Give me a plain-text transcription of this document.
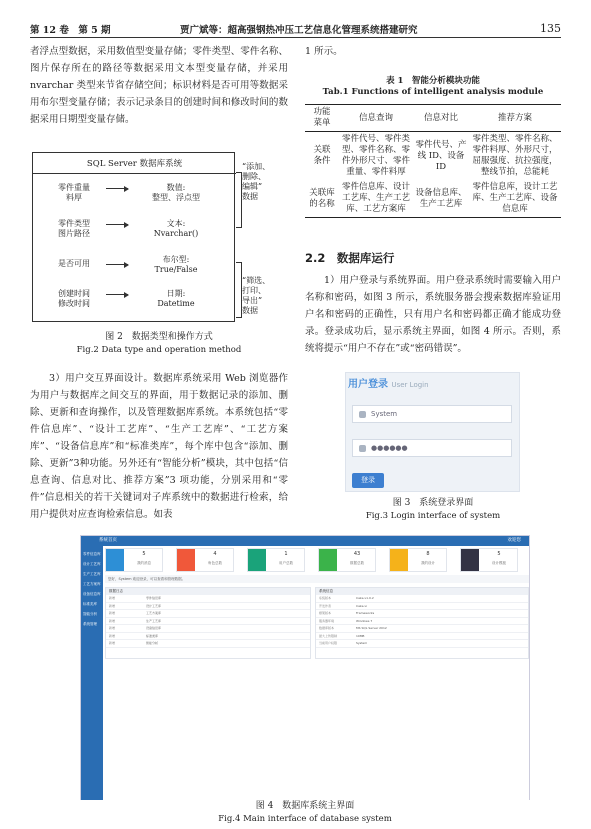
第 12 卷　第 5 期	贾广斌等：超高强钢热冲压工艺信息化管理系统搭建研究	135

者浮点型数据，采用数值型变量存储；零件类型、零件名称、图片保存所在的路径等数据采用文本型变量存储，并采用 nvarchar 类型来节省存储空间；标识材料是否可用等数据采用布尔型变量存储；表示记录条目的创建时间和修改时间的数据采用日期型变量存储。

SQL Server 数据库系统
零件重量
料厚
数值:
整型、浮点型
零件类型
图片路径
文本:
Nvarchar()
是否可用	布尔型:
True/False
创建时间
修改时间
日期:
Datetime
“添加、
删除、
编辑”
数据
“筛选、
打印、
导出”
数据
图 2　数据类型和操作方式
Fig.2 Data type and operation method

3）用户交互界面设计。数据库系统采用 Web 浏览器作为用户与数据库之间交互的界面，用于数据记录的添加、删除、更新和查询操作，以及管理数据库系统。本系统包括“零件信息库”、“设计工艺库”、“生产工艺库”、“工艺方案库”、“设备信息库”和“标准类库”，每个库中包含“添加、删除、更新”3种功能。另外还有“智能分析”模块，其中包括“信息查询、信息对比、推荐方案”3 项功能，分别采用和“零件”信息相关的若干关键词对子库系统中的数据进行检索，给用户提供对应查询检索信息。如表

1 所示。

表 1　智能分析模块功能
Tab.1 Functions of intelligent analysis module
功能
菜单	信息查询	信息对比	推荐方案
关联
条件	零件代号、零件类型、零件名称、零件外形尺寸、零件重量、零件料厚	零件代号、产线 ID、设备 ID	零件类型、零件名称、零件料厚、外形尺寸，屈服强度、抗拉强度，整线节拍，总能耗
关联库
的名称	零件信息库、设计工艺库、生产工艺库、工艺方案库	设备信息库、生产工艺库	零件信息库，设计工艺库、生产工艺库、设备信息库
2.2　数据库运行

1）用户登录与系统界面。用户登录系统时需要输入用户名称和密码，如图 3 所示，系统服务器会搜索数据库验证用户名和密码的正确性，只有用户名和密码都正确才能成功登录。登录成功后，显示系统主界面，如图 4 所示。否则，系统将提示“用户不存在”或“密码错误”。

用户登录 User Login
System
●●●●●●
登录
图 3　系统登录界面
Fig.3 Login interface of system
系统首页	欢迎您
零件信息库
设计工艺库
生产工艺库
工艺方案库
设备信息库
标准类库
智能分析
系统管理
5
我的消息
4
角色总数
1
用户总数
43
数据总数
8
我的设计
5
设计模板
您好，System 欢迎登录，可以查看和管理数据。
数据日志
新增	零件信息库
新增	设计工艺库
新增	工艺方案库
新增	生产工艺库
新增	设备信息库
新增	标准类库
新增	智能分析
系统信息
系统版本	Cake.v1.0.2
开发作者	Cake.vi
框架版本	Frameworks
服务器环境	Windows 7
数据库版本	MS SQL Server 2012
最大上传限制	10MB
当前用户权限	System
图 4　数据库系统主界面
Fig.4 Main interface of database system
